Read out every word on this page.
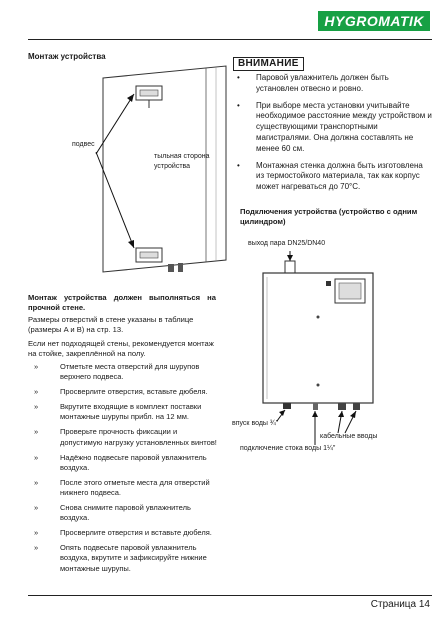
HYGROMATIK
Монтаж устройства
подвес
тыльная сторона
устройства
Монтаж устройства должен выполняться на прочной стене.
Размеры отверстий в стене указаны в таблице (размеры A и B) на стр. 13.
Если нет подходящей стены, рекомендуется монтаж на стойке, закреплённой на полу.
»	Отметьте места отверстий для шурупов верхнего подвеса.
»	Просверлите отверстия, вставьте дюбеля.
»	Вкрутите входящие в комплект поставки монтажные шурупы прибл. на 12 мм.
»	Проверьте прочность фиксации и допустимую нагрузку установленных винтов!
»	Надёжно подвесьте паровой увлажнитель воздуха.
»	После этого отметьте места для отверстий нижнего подвеса.
»	Снова снимите паровой увлажнитель воздуха.
»	Просверлите отверстия и вставьте дюбеля.
»	Опять подвесьте паровой увлажнитель воздуха, вкрутите и зафиксируйте нижние монтажные шурупы.
ВНИМАНИЕ
• Паровой увлажнитель должен быть установлен отвесно и ровно.
• При выборе места установки учитывайте необходимое расстояние между устройством и существующими транспортными магистралями. Она должна составлять не менее 60 см.
• Монтажная стенка должна быть изготовлена из термостойкого материала, так как корпус может нагреваться до 70°C.
Подключения устройства (устройство с одним цилиндром)
выход пара DN25/DN40
впуск воды ¾"
кабельные вводы
подключение стока воды 1¼"
Страница 14
